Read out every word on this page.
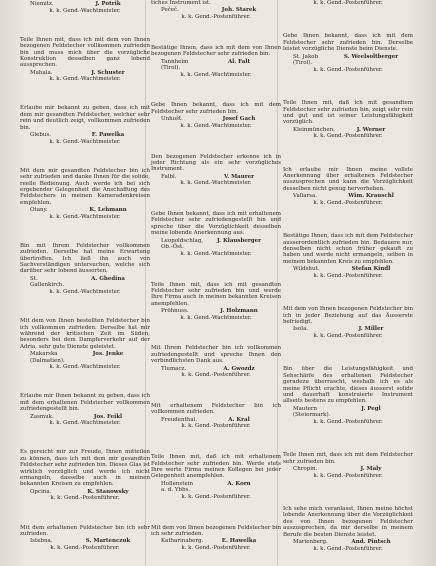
Niemitz.	J. Potrik

k. k. Gend.-Wachtmeister.

Teile Ihnen mit, dass ich mit dem von Ihnen bezogenen Feldstecher vollkommen zufrieden bin und muss mich über die vorzügliche Konstruktion desselben ganz lobend aussprechen.

Mahala.	J. Schuster

k. k. Gend.-Wachtmeister.

Erlaube mir bekannt zu geben, dass ich mit dem mir gesandten Feldstecher, welcher sehr rein und deutlich zeigt, vollkommen zufrieden bin.

Glebus.	F. Pawelka

k. k. Gend.-Wachtmeister.

Mit dem mir gesandten Feldstecher bin ich sehr zufrieden und danke Ihnen für die solide, reelle Bedienung. Auch werde ich bei sich ergebender Gelegenheit die Anschaffung des Feldstechers in meinen Kameradenkreisen empfehlen.

Otany.	K. Lehmann

k. k. Gend.-Wachtmeister.

Bin mit Ihrem Feldstecher vollkommen zufrieden. Derselbe hat meine Erwartung übertroffen. Ich ließ ihn auch von Sachverständigen untersuchen, welche sich darüber sehr lobend äusserten.

St. Gallenkirch.
A. Ghedina

k. k. Gend.-Wachtmeister.

Mit dem von Ihnen bestellten Feldstecher bin ich vollkommen zufrieden. Derselbe hat mir während der kritischen Zeit im Süden, besonders bei dem Dampferverkehr auf der Adria, sehr gute Dienste geleistet.

Makarska (Dalmatien).
Jos. Jenke

k. k. Gend.-Wachtmeister.

Erlaube mir Ihnen bekannt zu geben, dass ich mit dem erhaltenen Feldstecher vollkommen zufriedengestellt bin.

Zasmuk.	Jos. Feikl

k. k. Gend.-Wachtmeister.

Es gereicht mir zur Freude, Ihnen mitteilen zu können, dass ich mit dem mir gesandten Feldstecher sehr zufrieden bin. Dieses Glas ist wirklich vorzüglich und werde ich nicht ermangeln, dasselbe auch in meinen bekannten Kreisen zu empfehlen.

Opcina.	K. Stanowsky

k. k. Gend.-Postenführer.

Mit dem erhaltenen Feldstecher bin ich sehr zufrieden.

Istebna.	S. Martenczuk

k. k. Gend.-Postenführer.

tiches Instrument ist.

Pečeč.	Joh. Starek

k. k. Gend.-Postenführer.

Bestätige Ihnen, dass ich mit dem von Ihnen bezogenen Feldstecher sehr zufrieden bin.

Tannheim (Tirol).
Al. Falt

k. k. Gend.-Wachtmeister.

Gebe Ihnen bekannt, dass ich mit dem Feldstecher sehr zufrieden bin.

Unhošť.	Josef Gach

k. k. Gend.-Wachtmeister.

Den bezogenen Feldstecher erkenne ich in jeder Richtung als ein sehr vorzügliches Instrument.

Falbl.	V. Maurer

k. k. Gend.-Wachtmeister.

Gebe Ihnen bekannt, dass ich mit erhaltenem Feldstecher sehr zufriedengestellt bin und spreche über die Vorzüglichkeit desselben meine lobende Anerkennung aus.

Leopoldschlag, Ob.-Öst.
J. Klausberger

k. k. Gend.-Wachtmeister.

Teile Ihnen mit, dass ich mit gesandten Feldstecher sehr zufrieden bin und werde Ihre Firma auch in meinen bekannten Kreisen anempfehlen.

Pröhnuss.	J. Holzmann

k. k. Gend.-Wachtmeister.

Mit Ihrem Feldstecher bin ich vollkommen zufriedengestellt und spreche Ihnen den verbindlichsten Dank aus.

Tlumacz.	A. Gwozdz

k. k. Gend.-Postenführer.

Mit erhaltenem Feldstecher bin ich vollkommen zufrieden.

Freudenthal.	A. Kral

k. k. Gend.-Postenführer.

Teile Ihnen mit, daß ich mit erhaltenem Feldstecher sehr zufrieden bin. Werde stets Ihre werte Firma meinen Kollegen bei jeder Gelegenheit anempfehlen.

Hollenstein a. d. Ybbs.
A. Korn

k. k. Gend.-Postenführer.

Mit dem von Ihnen bezogenen Feldstecher bin ich sehr zufrieden.

Katharinaberg.	E. Hawelka

k. k. Gend.-Postenführer.

k. k. Gend.-Postenführer.

Gebe Ihnen bekannt, dass ich mit dem Feldstecher sehr zufrieden bin. Derselbe leistet vorzügliche Dienste beim Dienste.

St. Jakob (Tirol).
S. Weelsoltberger

k. k. Gend.-Postenführer.

Teile Ihnen mit, daß ich mit gesandtem Feldstecher sehr zufrieden bin, zeigt sehr rein und gut und ist seiner Leistungsfähigkeit vorzüglich.

Kleinmünchen.	J. Werner

k. k. Gend.-Postenführer.

Ich erlaube mir Ihnen meine vollste Anerkennung über erhaltenen Feldstecher auszusprechen und kann die Vorzüglichkeit desselben nicht genug hervorheben.

Vallarsa.	Wim. Krauschl

k. k. Gend.-Postenführer.

Bestätige Ihnen, dass ich mit dem Feldstecher ausserordentlich zufrieden bin. Bedauere nur, denselben nicht schon früher gekauft zu haben und werde nicht ermangeln, selben in meinem bekannten Kreis zu empfehlen.

Wildshut.	Stefan Kindl

k. k. Gend.-Postenführer.

Mit dem von Ihnen bezogenen Feldstecher bin ich in jeder Beziehung auf das Äusserste befriedigt.

Isola.	J. Miller

k. k. Gend.-Postenführer.

Bin über die Leistungsfähigkeit und Sehschärfe des erhaltenen Feldstecher geradezu überrascht, weshalb ich es als meine Pflicht erachte, dieses äusserst solide und dauerhaft konstruierte Instrument allseits bestens zu empfehlen.

Mautern (Steiermark).
J. Pegl

k. k. Gend.-Postenführer.

Teile Ihnen mit, dass ich mit dem Feldstecher sehr zufrieden bin.

Chropin.	J. Maly

k. k. Gend.-Postenführer.

Ich sehe mich veranlasst, Ihnen meine höchst lobende Anerkennung über die Vorzüglichkeit des von Ihnen bezogenen Feldstecher auszusprechen, da mir derselbe in meinem Berufe die besten Dienste leistet.

Marienberg.	And. Pintsch

k. k. Gend.-Postenführer.
